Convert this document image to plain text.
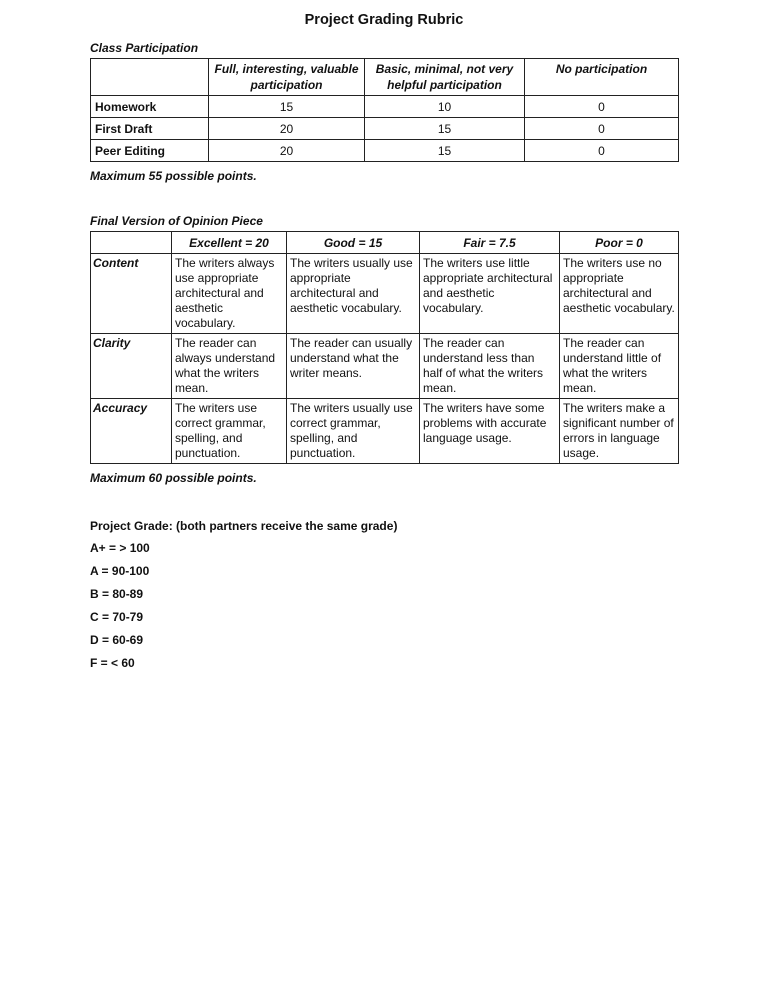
Project Grading Rubric
Class Participation
	Full, interesting, valuable participation	Basic, minimal, not very helpful participation	No participation
Homework	15	10	0
First Draft	20	15	0
Peer Editing	20	15	0
Maximum 55 possible points.
Final Version of Opinion Piece
	Excellent = 20	Good = 15	Fair = 7.5	Poor = 0
Content	The writers always use appropriate architectural and aesthetic vocabulary.	The writers usually use appropriate architectural and aesthetic vocabulary.	The writers use little appropriate architectural and aesthetic vocabulary.	The writers use no appropriate architectural and aesthetic vocabulary.
Clarity	The reader can always understand what the writers mean.	The reader can usually understand what the writer means.	The reader can understand less than half of what the writers mean.	The reader can understand little of what the writers mean.
Accuracy	The writers use correct grammar, spelling, and punctuation.	The writers usually use correct grammar, spelling, and punctuation.	The writers have some problems with accurate language usage.	The writers make a significant number of errors in language usage.
Maximum 60 possible points.
Project Grade: (both partners receive the same grade)
A+ = > 100
A = 90-100
B = 80-89
C = 70-79
D = 60-69
F = < 60
